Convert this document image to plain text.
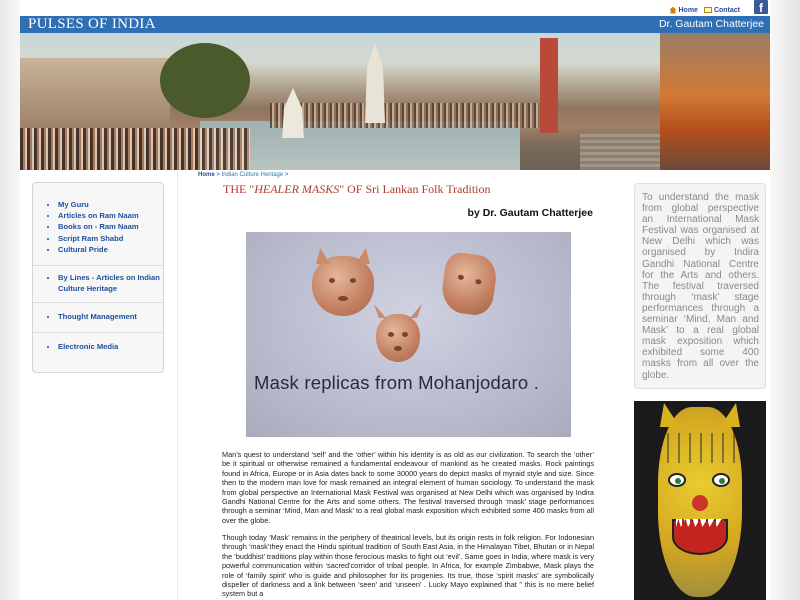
Home Contact	f
PULSES OF INDIA	Dr. Gautam Chatterjee
• My Guru
• Articles on Ram Naam
• Books on - Ram Naam
• Script Ram Shabd
• Cultural Pride
• By Lines - Articles on Indian Culture Heritage
• Thought Management
• Electronic Media
Home > Indian Culture Heritage >
THE "HEALER MASKS" OF Sri Lankan Folk Tradition
by Dr. Gautam Chatterjee
Mask replicas from Mohanjodaro .

Man’s quest to understand ‘self’ and the ‘other’ within his identity is as old as our civilization. To search the ‘other’ be it spiritual or otherwise remained a fundamental endeavour of mankind as he created masks. Rock paintings found in Africa, Europe or in Asia dates back to some 30000 years do depict masks of myraid style and size. Since then to the modern man love for mask remained an integral element of human sociology. To understand the mask from global perspective an International Mask Festival was organised at New Delhi which was organised by Indira Gandhi National Centre for the Arts and some others. The festival traversed through ‘mask’ stage performances through a seminar ‘Mind, Man and Mask’ to a real global mask exposition which exhibited some 400 masks from all over the globe.

Though today ‘Mask’ remains in the periphery of theatrical levels, but its origin rests in folk religion. For Indonesian through ‘mask’they enact the Hindu spiritual tradition of South East Asia, in the Himalayan Tibet, Bhutan or in Nepal the ‘buddhist’ traditions play within those ferocious masks to fight out ‘evil’. Same goes in India, where mask is very powerful communication within ‘sacred’corridor of tribal people. In Africa, for example Zimbabwe, Mask plays the role of ‘family spirit’ who is guide and philosopher for its progenies. Its true, those ‘spirit masks’ are symbolically dispeller of darkness and a link between ‘seen’ and ‘unseen’ . Lucky Mayo explained that " this is no mere belief system but a

To understand the mask from global perspective an International Mask Festival was organised at New Delhi which was organised by Indira Gandhi National Centre for the Arts and others. The festival traversed through ‘mask’ stage performances through a seminar ‘Mind, Man and Mask’ to a real global mask exposition which exhibited some 400 masks from all over the globe.
